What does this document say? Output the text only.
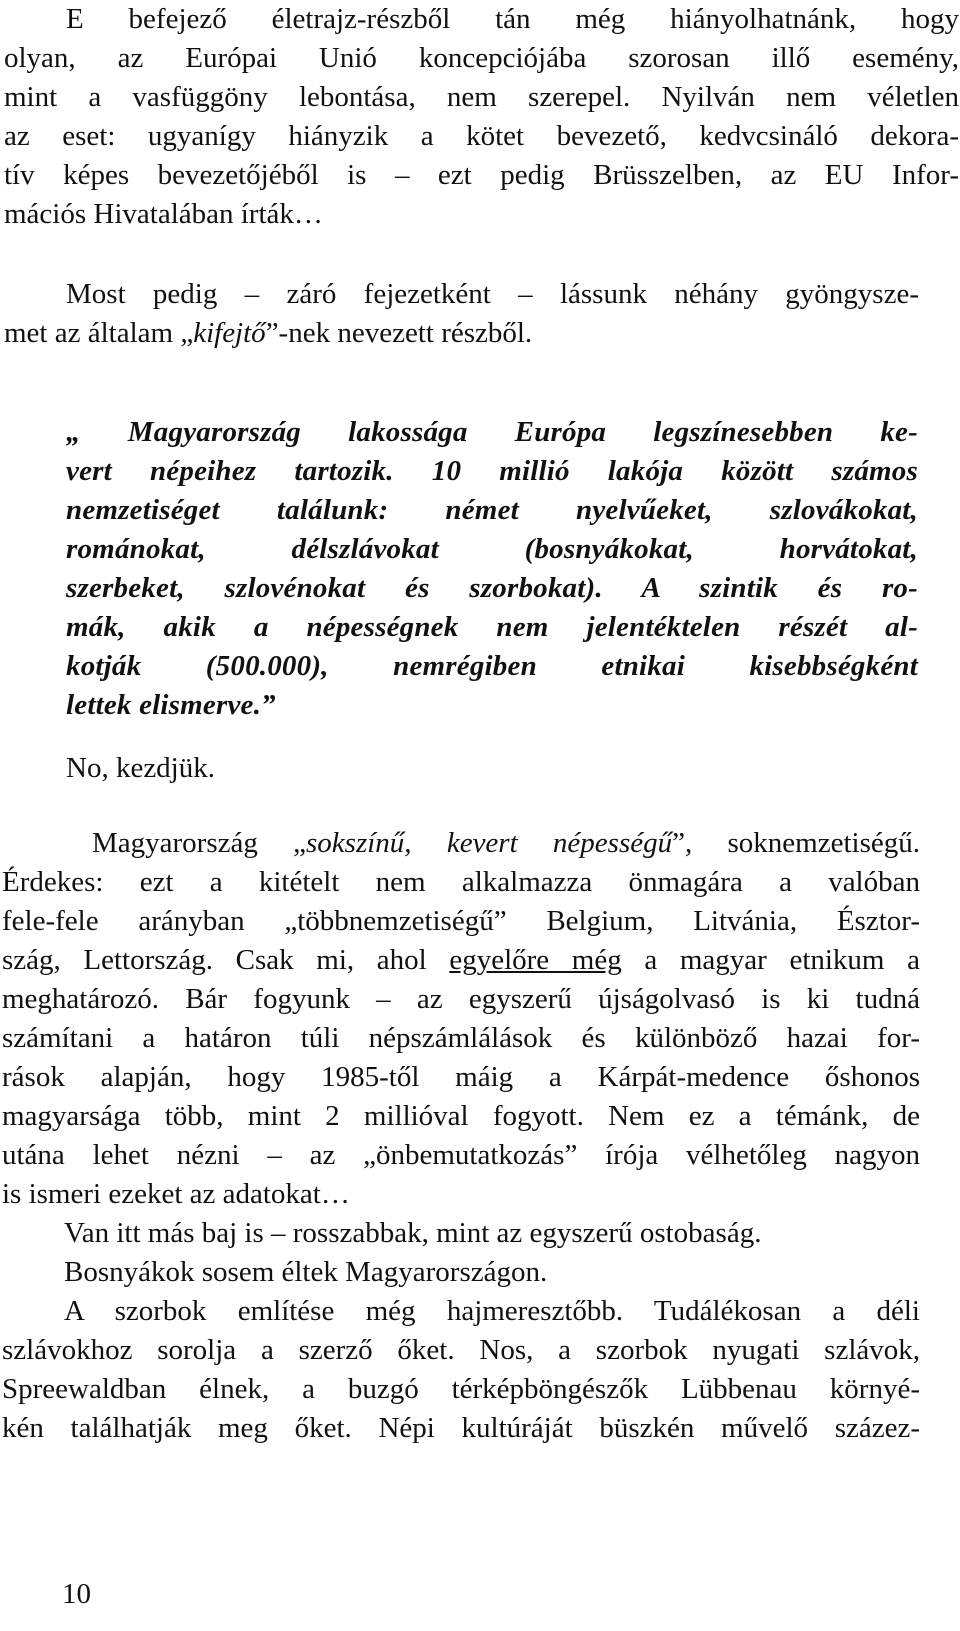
E befejező életrajz-részből tán még hiányolhatnánk, hogy
olyan, az Európai Unió koncepciójába szorosan illő esemény,
mint a vasfüggöny lebontása, nem szerepel. Nyilván nem véletlen
az eset: ugyanígy hiányzik a kötet bevezető, kedvcsináló dekora-
tív képes bevezetőjéből is – ezt pedig Brüsszelben, az EU Infor-
mációs Hivatalában írták…
Most pedig – záró fejezetként – lássunk néhány gyöngysze-
met az általam „kifejtő”-nek nevezett részből.
„ Magyarország lakossága Európa legszínesebben ke-
vert népeihez tartozik. 10 millió lakója között számos
nemzetiséget találunk: német nyelvűeket, szlovákokat,
románokat, délszlávokat (bosnyákokat, horvátokat,
szerbeket, szlovénokat és szorbokat). A szintik és ro-
mák, akik a népességnek nem jelentéktelen részét al-
kotják (500.000), nemrégiben etnikai kisebbségként
lettek elismerve.”
No, kezdjük.
Magyarország „sokszínű, kevert népességű”, soknemzetiségű.
Érdekes: ezt a kitételt nem alkalmazza önmagára a valóban
fele-fele arányban „többnemzetiségű” Belgium, Litvánia, Észtor-
szág, Lettország. Csak mi, ahol egyelőre még a magyar etnikum a
meghatározó. Bár fogyunk – az egyszerű újságolvasó is ki tudná
számítani a határon túli népszámlálások és különböző hazai for-
rások alapján, hogy 1985-től máig a Kárpát-medence őshonos
magyarsága több, mint 2 millióval fogyott. Nem ez a témánk, de
utána lehet nézni – az „önbemutatkozás” írója vélhetőleg nagyon
is ismeri ezeket az adatokat…
Van itt más baj is – rosszabbak, mint az egyszerű ostobaság.
Bosnyákok sosem éltek Magyarországon.
A szorbok említése még hajmeresztőbb. Tudálékosan a déli
szlávokhoz sorolja a szerző őket. Nos, a szorbok nyugati szlávok,
Spreewaldban élnek, a buzgó térképböngészők Lübbenau környé-
kén találhatják meg őket. Népi kultúráját büszkén művelő százez-
10
